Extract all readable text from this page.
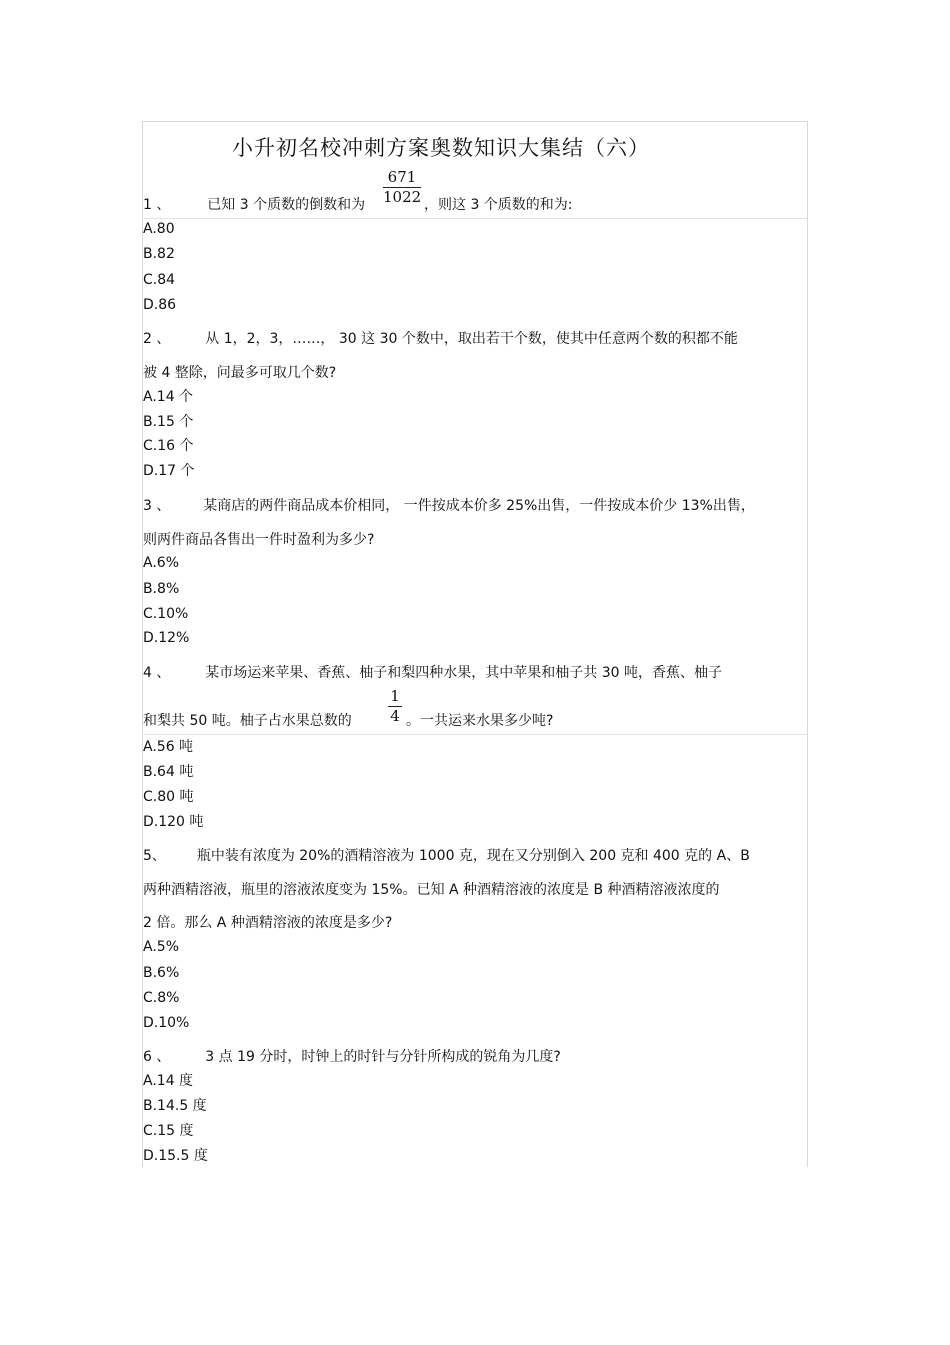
小升初名校冲刺方案奥数知识大集结（六）
1 、	已知 3 个质数的倒数和为
671
1022 ，则这 3 个质数的和为:
A.80
B.82
C.84
D.86
2 、 从 1，2，3，……， 30 这 30 个数中，取出若干个数，使其中任意两个数的积都不能
被 4 整除，问最多可取几个数?
A.14 个
B.15 个
C.16 个
D.17 个
3 、 某商店的两件商品成本价相同， 一件按成本价多 25%出售，一件按成本价少 13%出售，
则两件商品各售出一件时盈利为多少?
A.6%
B.8%
C.10%
D.12%
4 、 某市场运来苹果、香蕉、柚子和梨四种水果，其中苹果和柚子共 30 吨，香蕉、柚子
和梨共 50 吨。柚子占水果总数的
1
4 。一共运来水果多少吨?
A.56 吨
B.64 吨
C.80 吨
D.120 吨
5、 瓶中装有浓度为 20%的酒精溶液为 1000 克，现在又分别倒入 200 克和 400 克的 A、B
两种酒精溶液，瓶里的溶液浓度变为 15%。已知 A 种酒精溶液的浓度是 B 种酒精溶液浓度的
2 倍。那么 A 种酒精溶液的浓度是多少?
A.5%
B.6%
C.8%
D.10%
6 、 3 点 19 分时，时钟上的时针与分针所构成的锐角为几度?
A.14 度
B.14.5 度
C.15 度
D.15.5 度
